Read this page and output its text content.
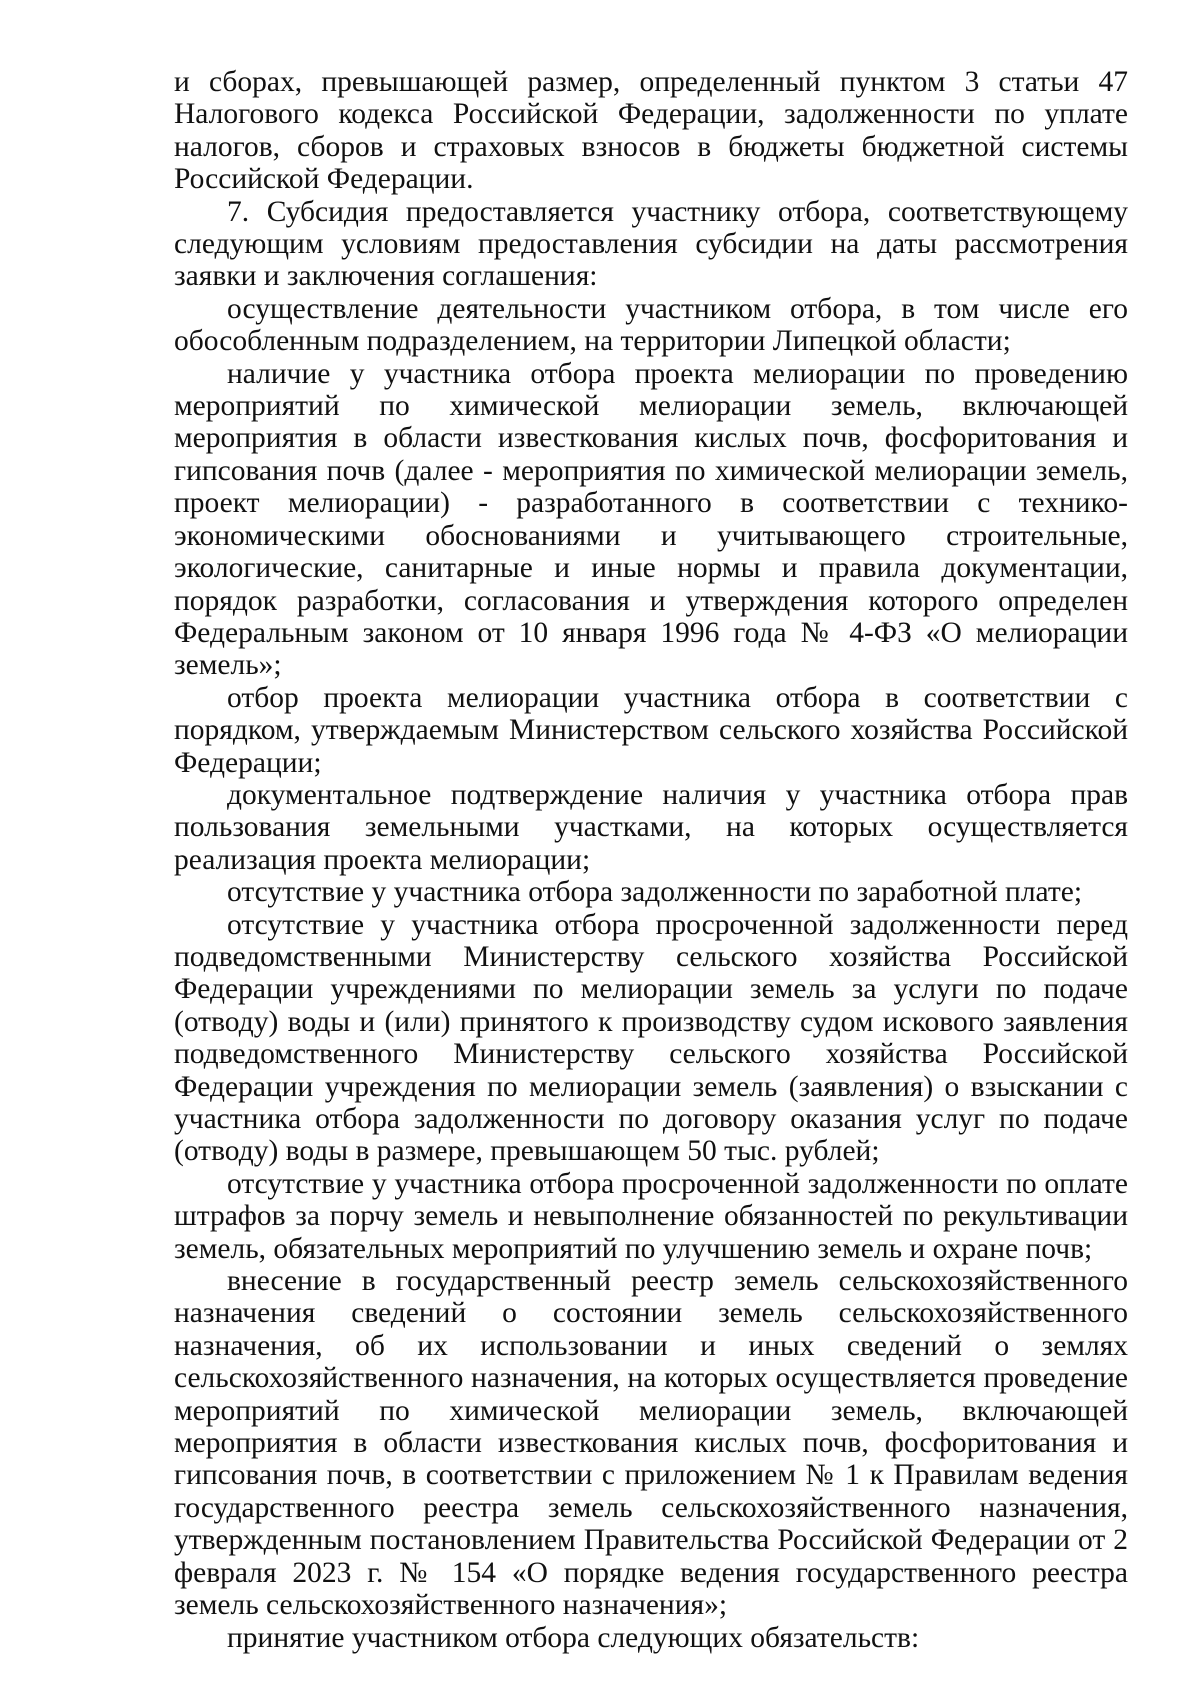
и сборах, превышающей размер, определенный пунктом 3 статьи 47 Налогового кодекса Российской Федерации, задолженности по уплате налогов, сборов и страховых взносов в бюджеты бюджетной системы Российской Федерации.

7. Субсидия предоставляется участнику отбора, соответствующему следующим условиям предоставления субсидии на даты рассмотрения заявки и заключения соглашения:

осуществление деятельности участником отбора, в том числе его обособленным подразделением, на территории Липецкой области;

наличие у участника отбора проекта мелиорации по проведению мероприятий по химической мелиорации земель, включающей мероприятия в области известкования кислых почв, фосфоритования и гипсования почв (далее - мероприятия по химической мелиорации земель, проект мелиорации) - разработанного в соответствии с технико-экономическими обоснованиями и учитывающего строительные, экологические, санитарные и иные нормы и правила документации, порядок разработки, согласования и утверждения которого определен Федеральным законом от 10 января 1996 года № 4-ФЗ «О мелиорации земель»;

отбор проекта мелиорации участника отбора в соответствии с порядком, утверждаемым Министерством сельского хозяйства Российской Федерации;

документальное подтверждение наличия у участника отбора прав пользования земельными участками, на которых осуществляется реализация проекта мелиорации;

отсутствие у участника отбора задолженности по заработной плате;

отсутствие у участника отбора просроченной задолженности перед подведомственными Министерству сельского хозяйства Российской Федерации учреждениями по мелиорации земель за услуги по подаче (отводу) воды и (или) принятого к производству судом искового заявления подведомственного Министерству сельского хозяйства Российской Федерации учреждения по мелиорации земель (заявления) о взыскании с участника отбора задолженности по договору оказания услуг по подаче (отводу) воды в размере, превышающем 50 тыс. рублей;

отсутствие у участника отбора просроченной задолженности по оплате штрафов за порчу земель и невыполнение обязанностей по рекультивации земель, обязательных мероприятий по улучшению земель и охране почв;

внесение в государственный реестр земель сельскохозяйственного назначения сведений о состоянии земель сельскохозяйственного назначения, об их использовании и иных сведений о землях сельскохозяйственного назначения, на которых осуществляется проведение мероприятий по химической мелиорации земель, включающей мероприятия в области известкования кислых почв, фосфоритования и гипсования почв, в соответствии с приложением № 1 к Правилам ведения государственного реестра земель сельскохозяйственного назначения, утвержденным постановлением Правительства Российской Федерации от 2 февраля 2023 г. № 154 «О порядке ведения государственного реестра земель сельскохозяйственного назначения»;

принятие участником отбора следующих обязательств:
